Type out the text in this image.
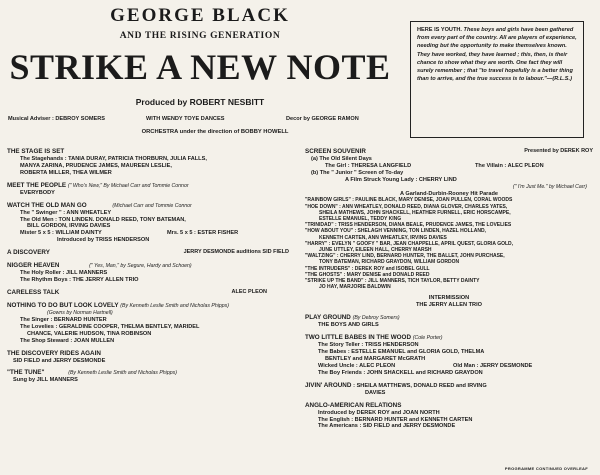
GEORGE BLACK
AND THE RISING GENERATION
STRIKE A NEW NOTE
Produced by ROBERT NESBITT
Musical Adviser : DEBROY SOMERS	WITH WENDY TOYE DANCES	Decor by GEORGE RAMON
ORCHESTRA under the direction of BOBBY HOWELL

HERE IS YOUTH. These boys and girls have been gathered from every part of the country. All are players of experience, needing but the opportunity to make themselves known. They have worked, they have learned ; this, then, is their chance to show what they are worth. One fact they will surely remember ; that "to travel hopefully is a better thing than to arrive, and the true success is to labour."—(R.L.S.)

THE STAGE IS SET
The Stagehands : TANIA DURAY, PATRICIA THORBURN, JULIA FALLS,
MANYA ZARINA, PRUDENCE JAMES, MAUREEN LESLIE,
ROBERTA MILLER, THEA WILMER
MEET THE PEOPLE (" Who's New," By Michael Carr and Tommie Connor
EVERYBODY
WATCH THE OLD MAN GO	(Michael Carr and Tommie Connor
The " Swinger " : ANN WHEATLEY
The Old Men : TON LINDEN. DONALD REED, TONY BATEMAN,
BILL GORDON, IRVING DAVIES
Mister 5 x 5 : WILLIAM DAINTY	Mrs. 5 x 5 : ESTER FISHER
Introduced by TRISS HENDERSON
A DISCOVERY	JERRY DESMONDE auditions SID FIELD
NIGGER HEAVEN	(" Yes, Man," by Segure, Hardy and Schoen)
The Holy Roller : JILL MANNERS
The Rhythm Boys : THE JERRY ALLEN TRIO
CARELESS TALK	ALEC PLEON
NOTHING TO DO BUT LOOK LOVELY (By Kenneth Leslie Smith and Nicholas Phipps)
(Gowns by Norman Hartnell)
The Singer : BERNARD HUNTER
The Lovelies : GERALDINE COOPER, THELMA BENTLEY, MARIDEL
CHANCE, VALERIE HUDSON, TINA ROBINSON
The Shop Steward : JOAN MULLEN
THE DISCOVERY RIDES AGAIN
SID FIELD and JERRY DESMONDE
"THE TUNE"	(By Kenneth Leslie Smith and Nicholas Phipps)
Sung by JILL MANNERS
SCREEN SOUVENIR	Presented by DEREK ROY
(a) The Old Silent Days
The Girl : THERESA LANGFIELD	The Villain : ALEC PLEON
(b) The " Junior " Screen of To-day
A Film Struck Young Lady : CHERRY LIND
(" I'm Just Me." by Michael Carr)
A Garland-Durbin-Rooney Hit Parade
"RAINBOW GIRLS" : PAULINE BLACK, MARY DENISE, JOAN PULLEN, CORAL WOODS
"HOE DOWN" : ANN WHEATLEY, DONALD REED, DIANA GLOVER, CHARLES YATES,
SHEILA MATHEWS, JOHN SHACKELL, HEATHER FURNELL, ERIC HORSCAMPE,
ESTELLE EMANUEL, TEDDY KING
"TRINIDAD" : TRISS HENDERSON, DIANA BEALE, PRUDENCE JAMES, THE LOVELIES
"HOW ABOUT YOU" : SHELAGH VENNING, TON LINDEN, HAZEL HOLLAND,
KENNETH CARTEN, ANN WHEATLEY, IRVING DAVIES
"HARRY" : EVELYN " GOOFY " BAR, JEAN CHAPPELLE, APRIL QUEST, GLORIA GOLD,
JUNE UTTLEY, EILEEN HALL, CHERRY MARSH
"WALTZING" : CHERRY LIND, BERNARD HUNTER, THE BALLET, JOHN PURCHASE,
TONY BATEMAN, RICHARD GRAYDON, WILLIAM GORDON
"THE INTRUDERS" : DEREK ROY and ISOBEL GULL
"THE GHOSTS" : MARY DENISE and DONALD REED
"STRIKE UP THE BAND" : JILL MANNERS, TICH TAYLOR, BETTY DAINTY
JO HAY, MARJORIE BALDWIN
INTERMISSION
THE JERRY ALLEN TRIO
PLAY GROUND (By Debroy Somers)
THE BOYS AND GIRLS
TWO LITTLE BABES IN THE WOOD (Cole Porter)
The Story Teller : TRISS HENDERSON
The Babes : ESTELLE EMANUEL and GLORIA GOLD, THELMA
BENTLEY and MARGARET McGRATH
Wicked Uncle : ALEC PLEON	Old Man : JERRY DESMONDE
The Boy Friends : JOHN SHACKELL and RICHARD GRAYDON
JIVIN' AROUND : SHEILA MATTHEWS, DONALD REED and IRVING
DAVIES
ANGLO-AMERICAN RELATIONS
Introduced by DEREK ROY and JOAN NORTH
The English : BERNARD HUNTER and KENNETH CARTEN
The Americans : SID FIELD and JERRY DESMONDE
PROGRAMME CONTINUED OVERLEAF
